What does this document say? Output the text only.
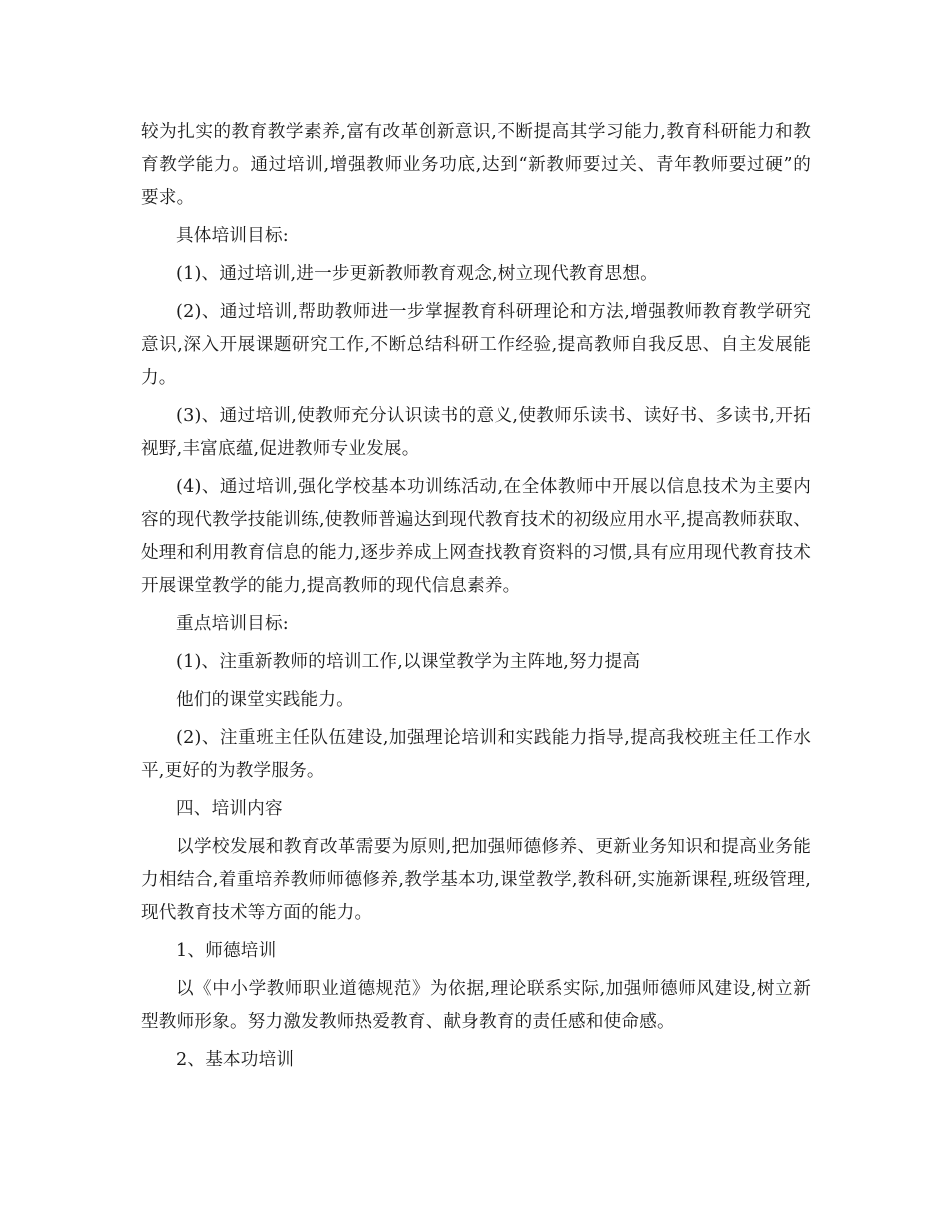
较为扎实的教育教学素养,富有改革创新意识,不断提高其学习能力,教育科研能力和教育教学能力。通过培训,增强教师业务功底,达到“新教师要过关、青年教师要过硬”的要求。

具体培训目标:

(1)、通过培训,进一步更新教师教育观念,树立现代教育思想。

(2)、通过培训,帮助教师进一步掌握教育科研理论和方法,增强教师教育教学研究意识,深入开展课题研究工作,不断总结科研工作经验,提高教师自我反思、自主发展能力。

(3)、通过培训,使教师充分认识读书的意义,使教师乐读书、读好书、多读书,开拓视野,丰富底蕴,促进教师专业发展。

(4)、通过培训,强化学校基本功训练活动,在全体教师中开展以信息技术为主要内容的现代教学技能训练,使教师普遍达到现代教育技术的初级应用水平,提高教师获取、处理和利用教育信息的能力,逐步养成上网查找教育资料的习惯,具有应用现代教育技术开展课堂教学的能力,提高教师的现代信息素养。

重点培训目标:

(1)、注重新教师的培训工作,以课堂教学为主阵地,努力提高

他们的课堂实践能力。

(2)、注重班主任队伍建设,加强理论培训和实践能力指导,提高我校班主任工作水平,更好的为教学服务。

四、培训内容

以学校发展和教育改革需要为原则,把加强师德修养、更新业务知识和提高业务能力相结合,着重培养教师师德修养,教学基本功,课堂教学,教科研,实施新课程,班级管理,现代教育技术等方面的能力。

1、师德培训

以《中小学教师职业道德规范》为依据,理论联系实际,加强师德师风建设,树立新型教师形象。努力激发教师热爱教育、献身教育的责任感和使命感。

2、基本功培训
